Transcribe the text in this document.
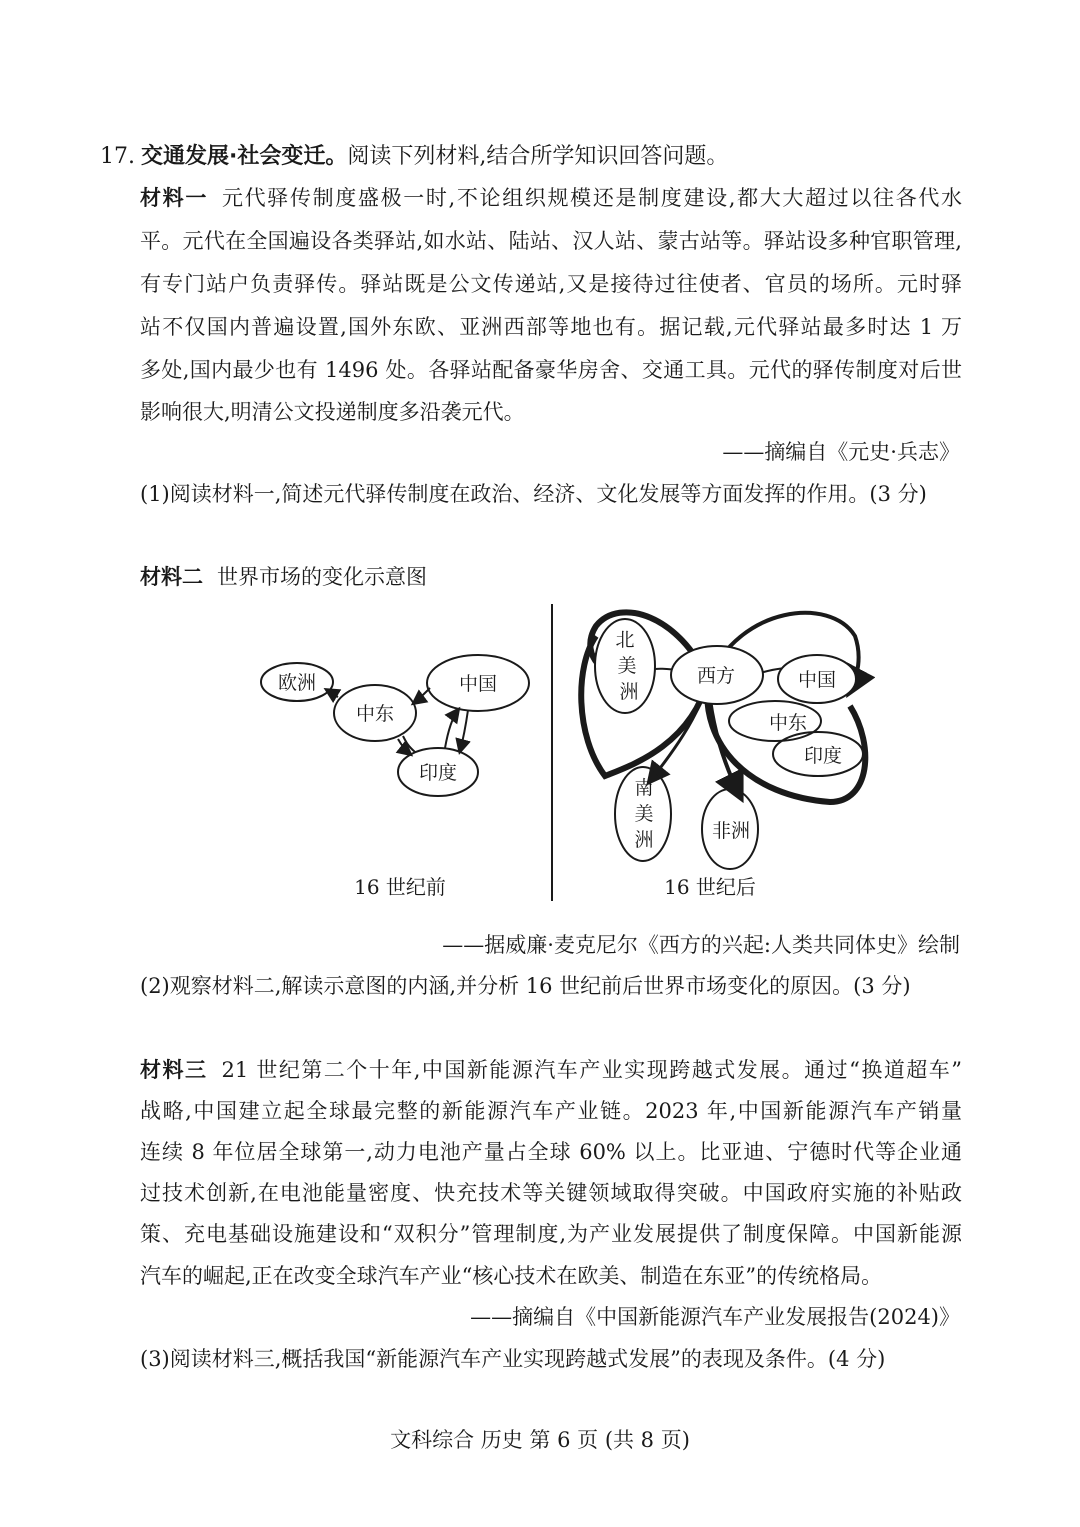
17. 交通发展·社会变迁。阅读下列材料,结合所学知识回答问题。
材料一 元代驿传制度盛极一时,不论组织规模还是制度建设,都大大超过以往各代水
平。元代在全国遍设各类驿站,如水站、陆站、汉人站、蒙古站等。驿站设多种官职管理,
有专门站户负责驿传。驿站既是公文传递站,又是接待过往使者、官员的场所。元时驿
站不仅国内普遍设置,国外东欧、亚洲西部等地也有。据记载,元代驿站最多时达 1 万
多处,国内最少也有 1496 处。各驿站配备豪华房舍、交通工具。元代的驿传制度对后世
影响很大,明清公文投递制度多沿袭元代。
——摘编自《元史·兵志》
(1)阅读材料一,简述元代驿传制度在政治、经济、文化发展等方面发挥的作用。(3 分)
材料二 世界市场的变化示意图
欧洲
中东
中国
印度
16 世纪前
北
美
洲
西方	中国
中东
印度
南
美
洲	非洲
16 世纪后
——据威廉·麦克尼尔《西方的兴起:人类共同体史》绘制
(2)观察材料二,解读示意图的内涵,并分析 16 世纪前后世界市场变化的原因。(3 分)
材料三 21 世纪第二个十年,中国新能源汽车产业实现跨越式发展。通过“换道超车”
战略,中国建立起全球最完整的新能源汽车产业链。2023 年,中国新能源汽车产销量
连续 8 年位居全球第一,动力电池产量占全球 60% 以上。比亚迪、宁德时代等企业通
过技术创新,在电池能量密度、快充技术等关键领域取得突破。中国政府实施的补贴政
策、充电基础设施建设和“双积分”管理制度,为产业发展提供了制度保障。中国新能源
汽车的崛起,正在改变全球汽车产业“核心技术在欧美、制造在东亚”的传统格局。
——摘编自《中国新能源汽车产业发展报告(2024)》
(3)阅读材料三,概括我国“新能源汽车产业实现跨越式发展”的表现及条件。(4 分)
文科综合 历史 第 6 页 (共 8 页)
